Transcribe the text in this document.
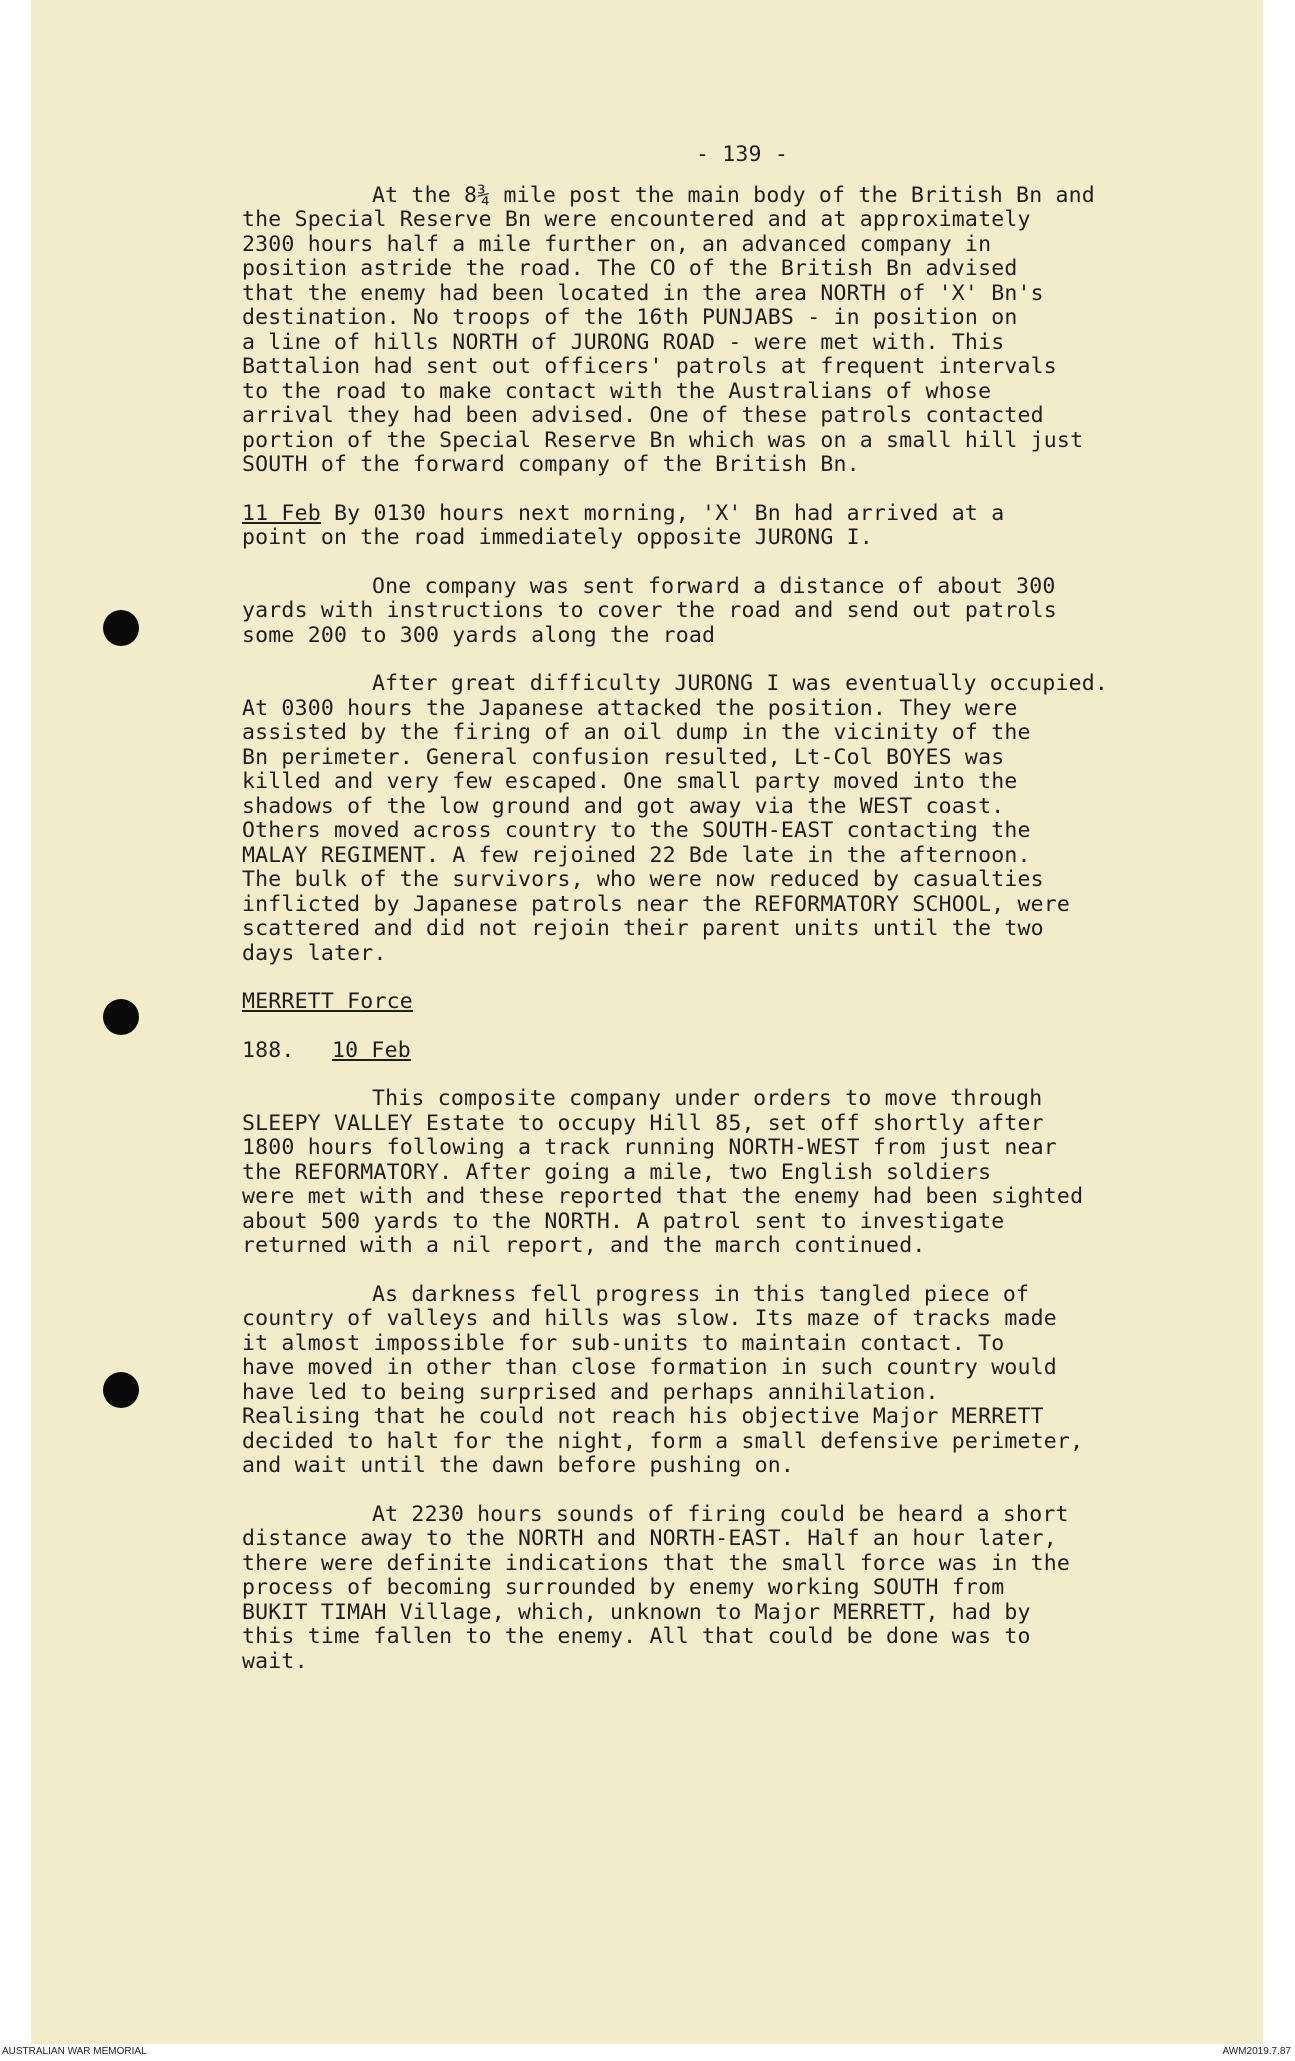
- 139 -

At the 8¾ mile post the main body of the British Bn and
the Special Reserve Bn were encountered and at approximately
2300 hours half a mile further on, an advanced company in
position astride the road. The CO of the British Bn advised
that the enemy had been located in the area NORTH of 'X' Bn's
destination. No troops of the 16th PUNJABS - in position on
a line of hills NORTH of JURONG ROAD - were met with. This
Battalion had sent out officers' patrols at frequent intervals
to the road to make contact with the Australians of whose
arrival they had been advised. One of these patrols contacted
portion of the Special Reserve Bn which was on a small hill just
SOUTH of the forward company of the British Bn.

11 Feb By 0130 hours next morning, 'X' Bn had arrived at a
point on the road immediately opposite JURONG I.

One company was sent forward a distance of about 300
yards with instructions to cover the road and send out patrols
some 200 to 300 yards along the road

After great difficulty JURONG I was eventually occupied.
At 0300 hours the Japanese attacked the position. They were
assisted by the firing of an oil dump in the vicinity of the
Bn perimeter. General confusion resulted, Lt-Col BOYES was
killed and very few escaped. One small party moved into the
shadows of the low ground and got away via the WEST coast.
Others moved across country to the SOUTH-EAST contacting the
MALAY REGIMENT. A few rejoined 22 Bde late in the afternoon.
The bulk of the survivors, who were now reduced by casualties
inflicted by Japanese patrols near the REFORMATORY SCHOOL, were
scattered and did not rejoin their parent units until the two
days later.

MERRETT Force
188. 10 Feb

This composite company under orders to move through
SLEEPY VALLEY Estate to occupy Hill 85, set off shortly after
1800 hours following a track running NORTH-WEST from just near
the REFORMATORY. After going a mile, two English soldiers
were met with and these reported that the enemy had been sighted
about 500 yards to the NORTH. A patrol sent to investigate
returned with a nil report, and the march continued.

As darkness fell progress in this tangled piece of
country of valleys and hills was slow. Its maze of tracks made
it almost impossible for sub-units to maintain contact. To
have moved in other than close formation in such country would
have led to being surprised and perhaps annihilation.
Realising that he could not reach his objective Major MERRETT
decided to halt for the night, form a small defensive perimeter,
and wait until the dawn before pushing on.

At 2230 hours sounds of firing could be heard a short
distance away to the NORTH and NORTH-EAST. Half an hour later,
there were definite indications that the small force was in the
process of becoming surrounded by enemy working SOUTH from
BUKIT TIMAH Village, which, unknown to Major MERRETT, had by
this time fallen to the enemy. All that could be done was to
wait.

AUSTRALIAN WAR MEMORIAL	AWM2019.7.87
